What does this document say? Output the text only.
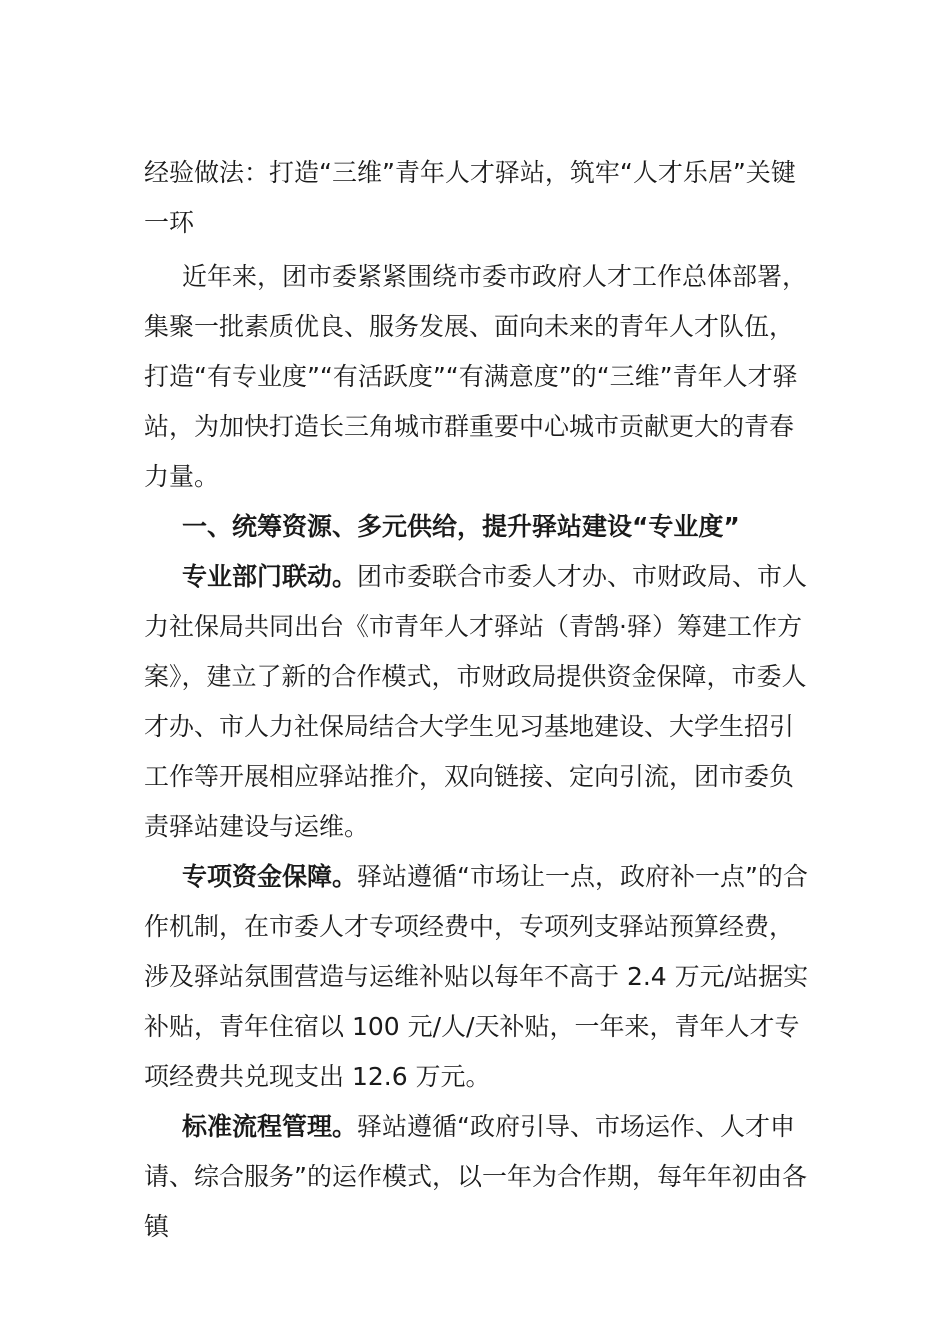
经验做法：打造“三维”青年人才驿站，筑牢“人才乐居”关键一环

近年来，团市委紧紧围绕市委市政府人才工作总体部署，集聚一批素质优良、服务发展、面向未来的青年人才队伍，打造“有专业度”“有活跃度”“有满意度”的“三维”青年人才驿站，为加快打造长三角城市群重要中心城市贡献更大的青春力量。

一、统筹资源、多元供给，提升驿站建设“专业度”

专业部门联动。团市委联合市委人才办、市财政局、市人力社保局共同出台《市青年人才驿站（青鹄·驿）筹建工作方案》，建立了新的合作模式，市财政局提供资金保障，市委人才办、市人力社保局结合大学生见习基地建设、大学生招引工作等开展相应驿站推介，双向链接、定向引流，团市委负责驿站建设与运维。

专项资金保障。驿站遵循“市场让一点，政府补一点”的合作机制，在市委人才专项经费中，专项列支驿站预算经费，涉及驿站氛围营造与运维补贴以每年不高于 2.4 万元/站据实补贴，青年住宿以 100 元/人/天补贴，一年来，青年人才专项经费共兑现支出 12.6 万元。

标准流程管理。驿站遵循“政府引导、市场运作、人才申请、综合服务”的运作模式，以一年为合作期，每年年初由各镇
